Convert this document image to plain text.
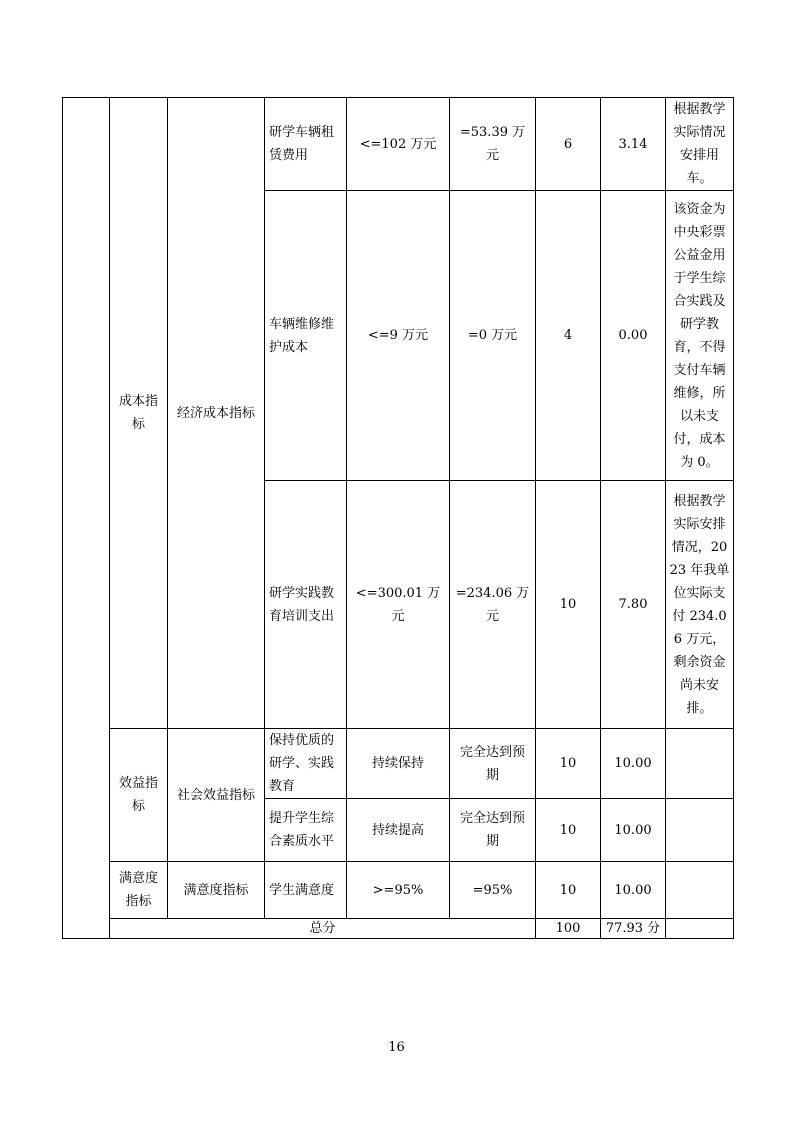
	成本指标	经济成本指标	研学车辆租赁费用	<=102 万元	=53.39 万元	6	3.14	根据教学实际情况安排用车。
			车辆维修维护成本	<=9 万元	=0 万元	4	0.00	该资金为中央彩票公益金用于学生综合实践及研学教育，不得支付车辆维修，所以未支付，成本为 0。
			研学实践教育培训支出	<=300.01 万元	=234.06 万元	10	7.80	根据教学实际安排情况，2023 年我单位实际支付 234.06 万元，剩余资金尚未安排。
	效益指标	社会效益指标	保持优质的研学、实践教育	持续保持	完全达到预期	10	10.00	
			提升学生综合素质水平	持续提高	完全达到预期	10	10.00	
	满意度指标	满意度指标	学生满意度	>=95%	=95%	10	10.00	
	总分					100	77.93 分	
16
